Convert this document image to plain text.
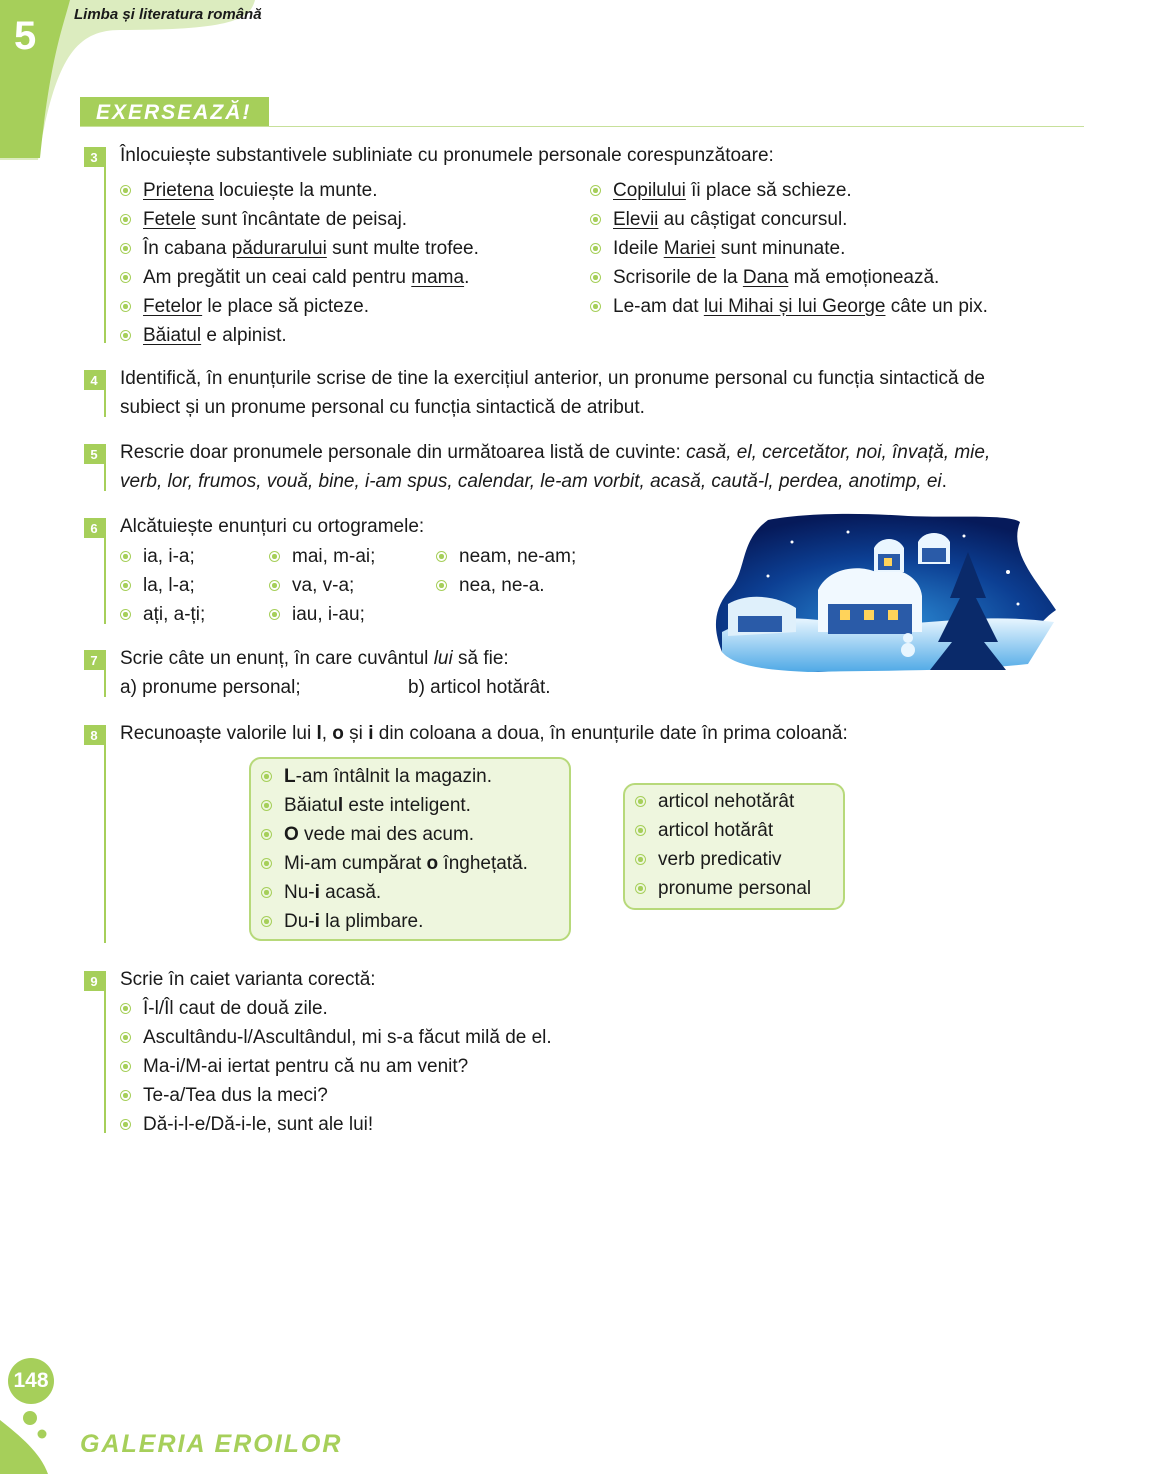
5	Limba și literatura română
EXERSEAZĂ!
3	Înlocuiește substantivele subliniate cu pronumele personale corespunzătoare:
Prietena locuiește la munte.
Fetele sunt încântate de peisaj.
În cabana pădurarului sunt multe trofee.
Am pregătit un ceai cald pentru mama.
Fetelor le place să picteze.
Băiatul e alpinist.
Copilului îi place să schieze.
Elevii au câștigat concursul.
Ideile Mariei sunt minunate.
Scrisorile de la Dana mă emoționează.
Le-am dat lui Mihai și lui George câte un pix.
4	Identifică, în enunțurile scrise de tine la exercițiul anterior, un pronume personal cu funcția sintactică de
subiect și un pronume personal cu funcția sintactică de atribut.
5	Rescrie doar pronumele personale din următoarea listă de cuvinte: casă, el, cercetător, noi, învață, mie,
verb, lor, frumos, vouă, bine, i-am spus, calendar, le-am vorbit, acasă, caută-l, perdea, anotimp, ei.
6	Alcătuiește enunțuri cu ortogramele:
ia, i-a;
la, l-a;
ați, a-ți;
mai, m-ai;
va, v-a;
iau, i-au;
neam, ne-am;
nea, ne-a.
7	Scrie câte un enunț, în care cuvântul lui să fie:
a) pronume personal;	b) articol hotărât.
8	Recunoaște valorile lui l, o și i din coloana a doua, în enunțurile date în prima coloană:
L-am întâlnit la magazin.
Băiatul este inteligent.
O vede mai des acum.
Mi-am cumpărat o înghețată.
Nu-i acasă.
Du-i la plimbare.
articol nehotărât
articol hotărât
verb predicativ
pronume personal
9	Scrie în caiet varianta corectă:
Î-l/Îl caut de două zile.
Ascultându-l/Ascultândul, mi s-a făcut milă de el.
Ma-i/M-ai iertat pentru că nu am venit?
Te-a/Tea dus la meci?
Dă-i-l-e/Dă-i-le, sunt ale lui!
148
GALERIA EROILOR
